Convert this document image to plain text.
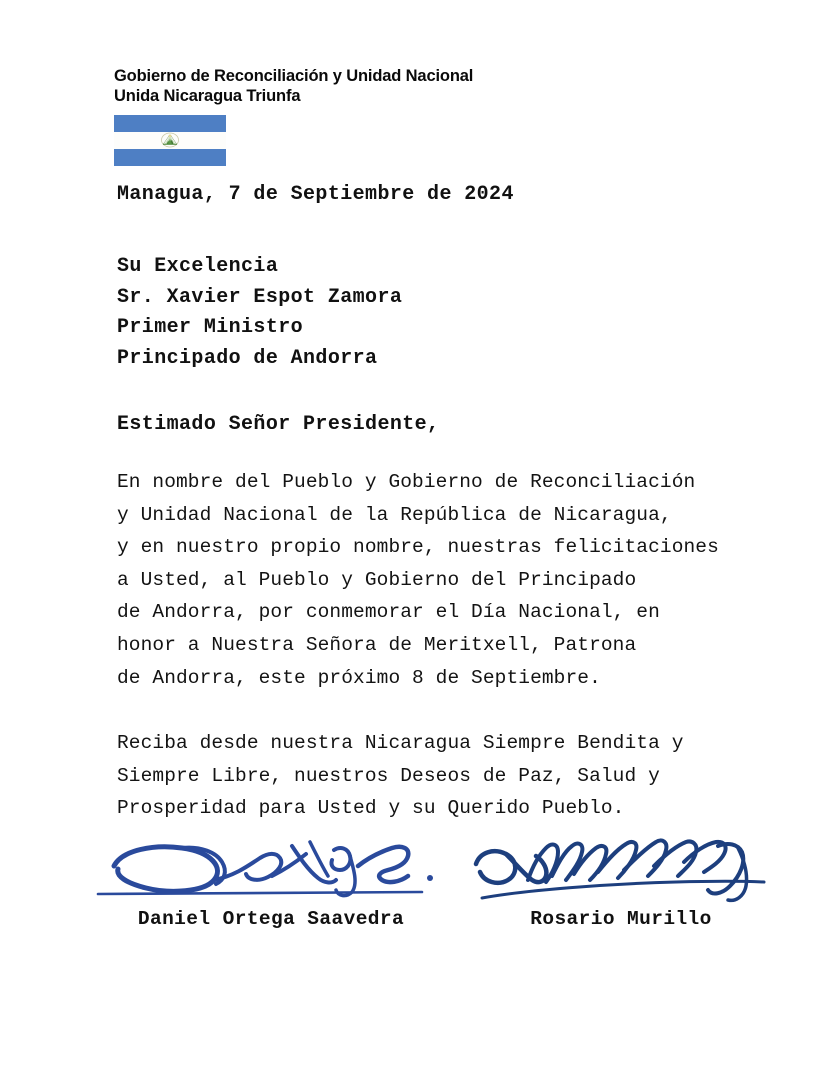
Gobierno de Reconciliación y Unidad Nacional
Unida Nicaragua Triunfa
Managua, 7 de Septiembre de 2024
Su Excelencia
Sr. Xavier Espot Zamora
Primer Ministro
Principado de Andorra
Estimado Señor Presidente,
En nombre del Pueblo y Gobierno de Reconciliación
y Unidad Nacional de la República de Nicaragua,
y en nuestro propio nombre, nuestras felicitaciones
a Usted, al Pueblo y Gobierno del Principado
de Andorra, por conmemorar el Día Nacional, en
honor a Nuestra Señora de Meritxell, Patrona
de Andorra, este próximo 8 de Septiembre.
Reciba desde nuestra Nicaragua Siempre Bendita y
Siempre Libre, nuestros Deseos de Paz, Salud y
Prosperidad para Usted y su Querido Pueblo.
Daniel Ortega Saavedra	Rosario Murillo
